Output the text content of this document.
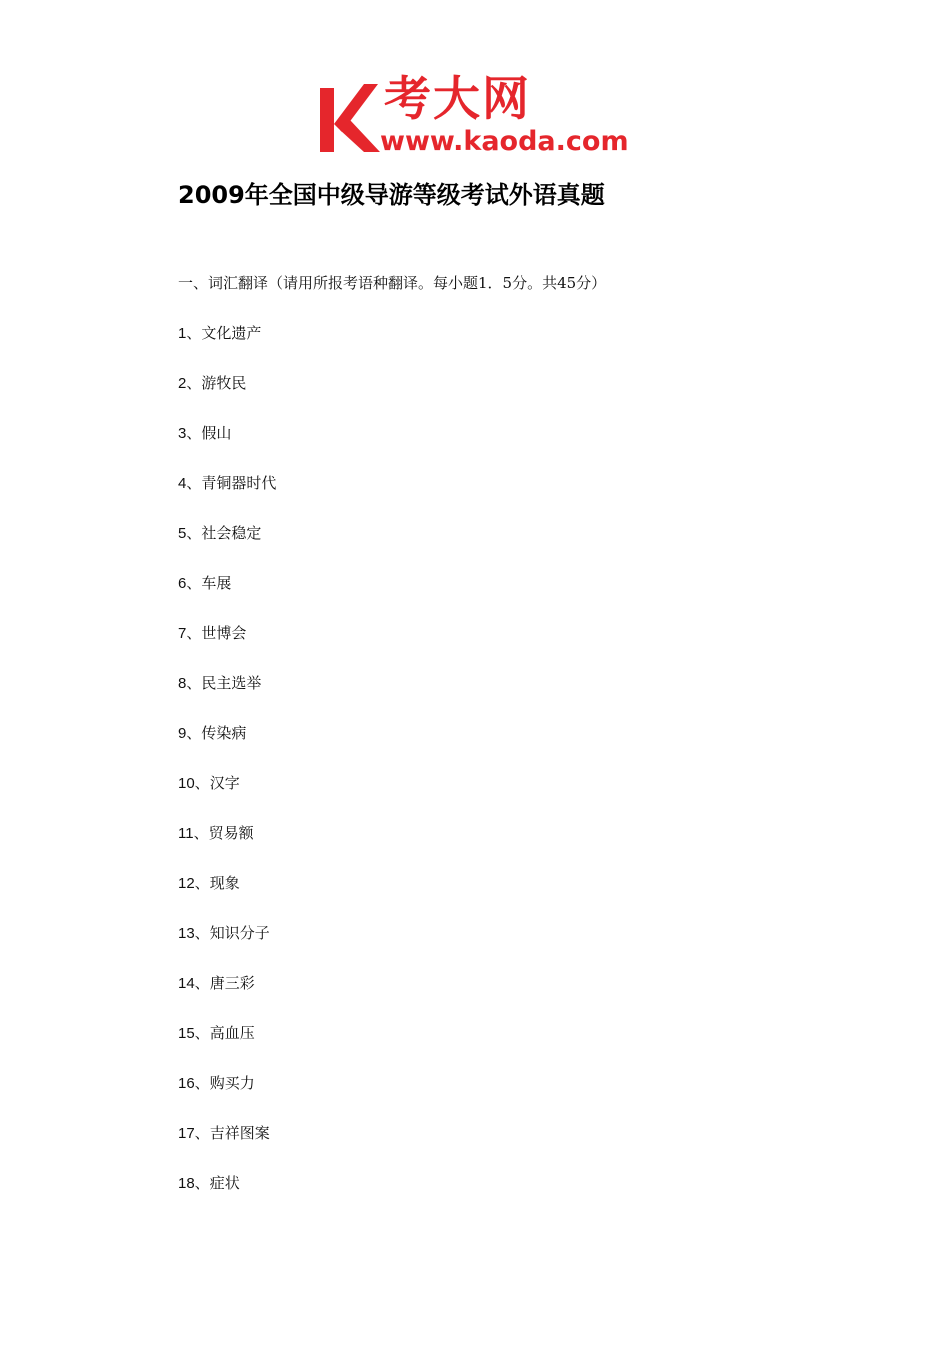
考大网
www.kaoda.com
2009年全国中级导游等级考试外语真题
一、词汇翻译（请用所报考语种翻译。每小题1．5分。共45分）
1、文化遗产
2、游牧民
3、假山
4、青铜器时代
5、社会稳定
6、车展
7、世博会
8、民主选举
9、传染病
10、汉字
11、贸易额
12、现象
13、知识分子
14、唐三彩
15、高血压
16、购买力
17、吉祥图案
18、症状
